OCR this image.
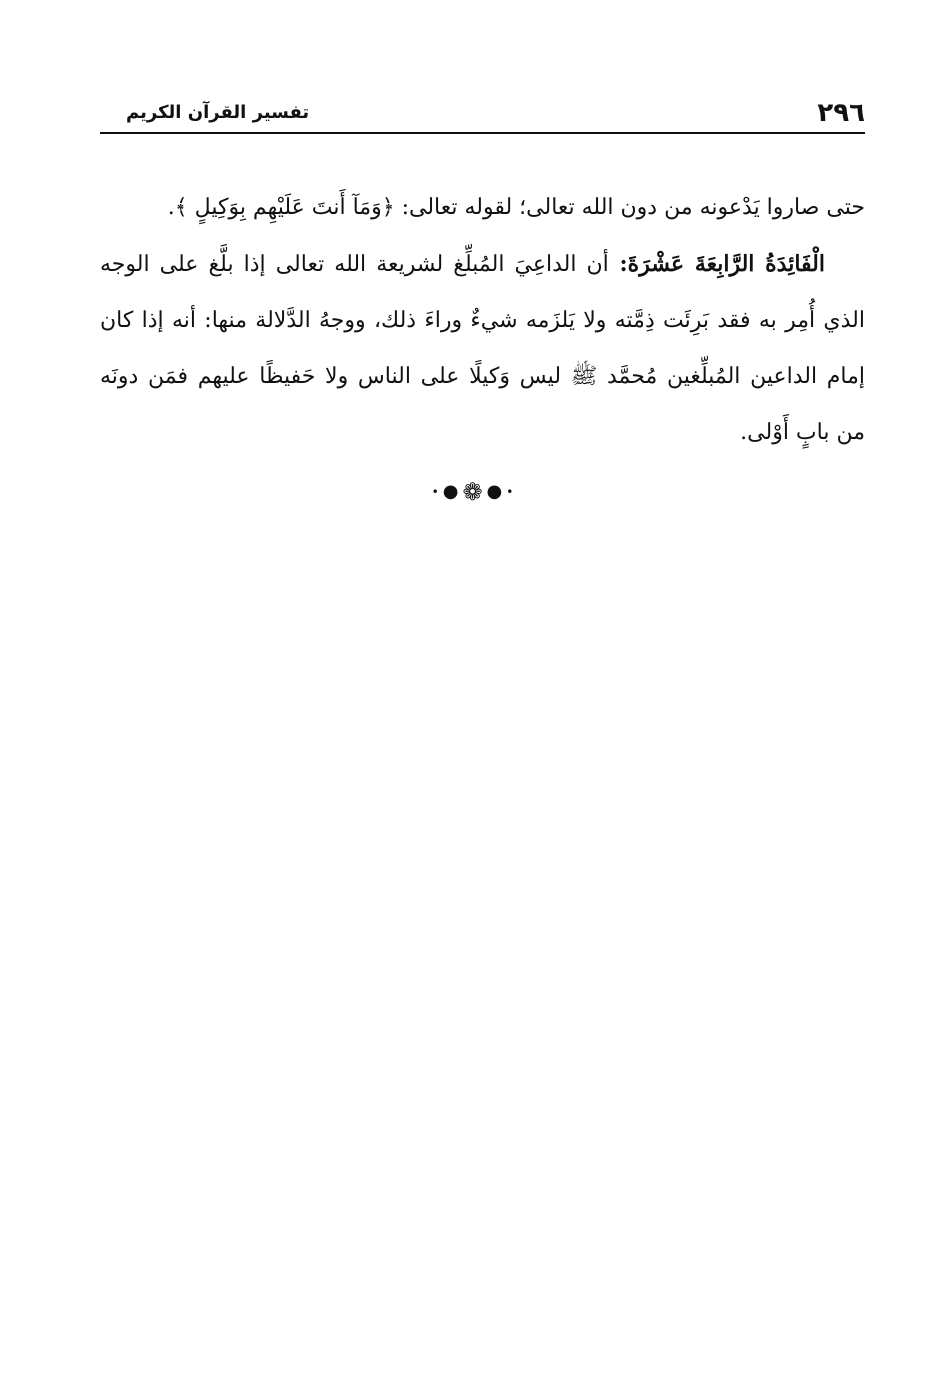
٢٩٦
تفسير القرآن الكريم

حتى صاروا يَدْعونه من دون الله تعالى؛ لقوله تعالى: ﴿وَمَآ أَنتَ عَلَيْهِم بِوَكِيلٍ ﴾.

الْفَائِدَةُ الرَّابِعَةَ عَشْرَةَ: أن الداعِيَ المُبلِّغ لشريعة الله تعالى إذا بلَّغ على الوجه الذي أُمِر به فقد بَرِئَت ذِمَّته ولا يَلزَمه شيءٌ وراءَ ذلك، ووجهُ الدَّلالة منها: أنه إذا كان إمام الداعين المُبلِّغين مُحمَّد ﷺ ليس وَكيلًا على الناس ولا حَفيظًا عليهم فمَن دونَه من بابٍ أَوْلى.

•●❁●•
